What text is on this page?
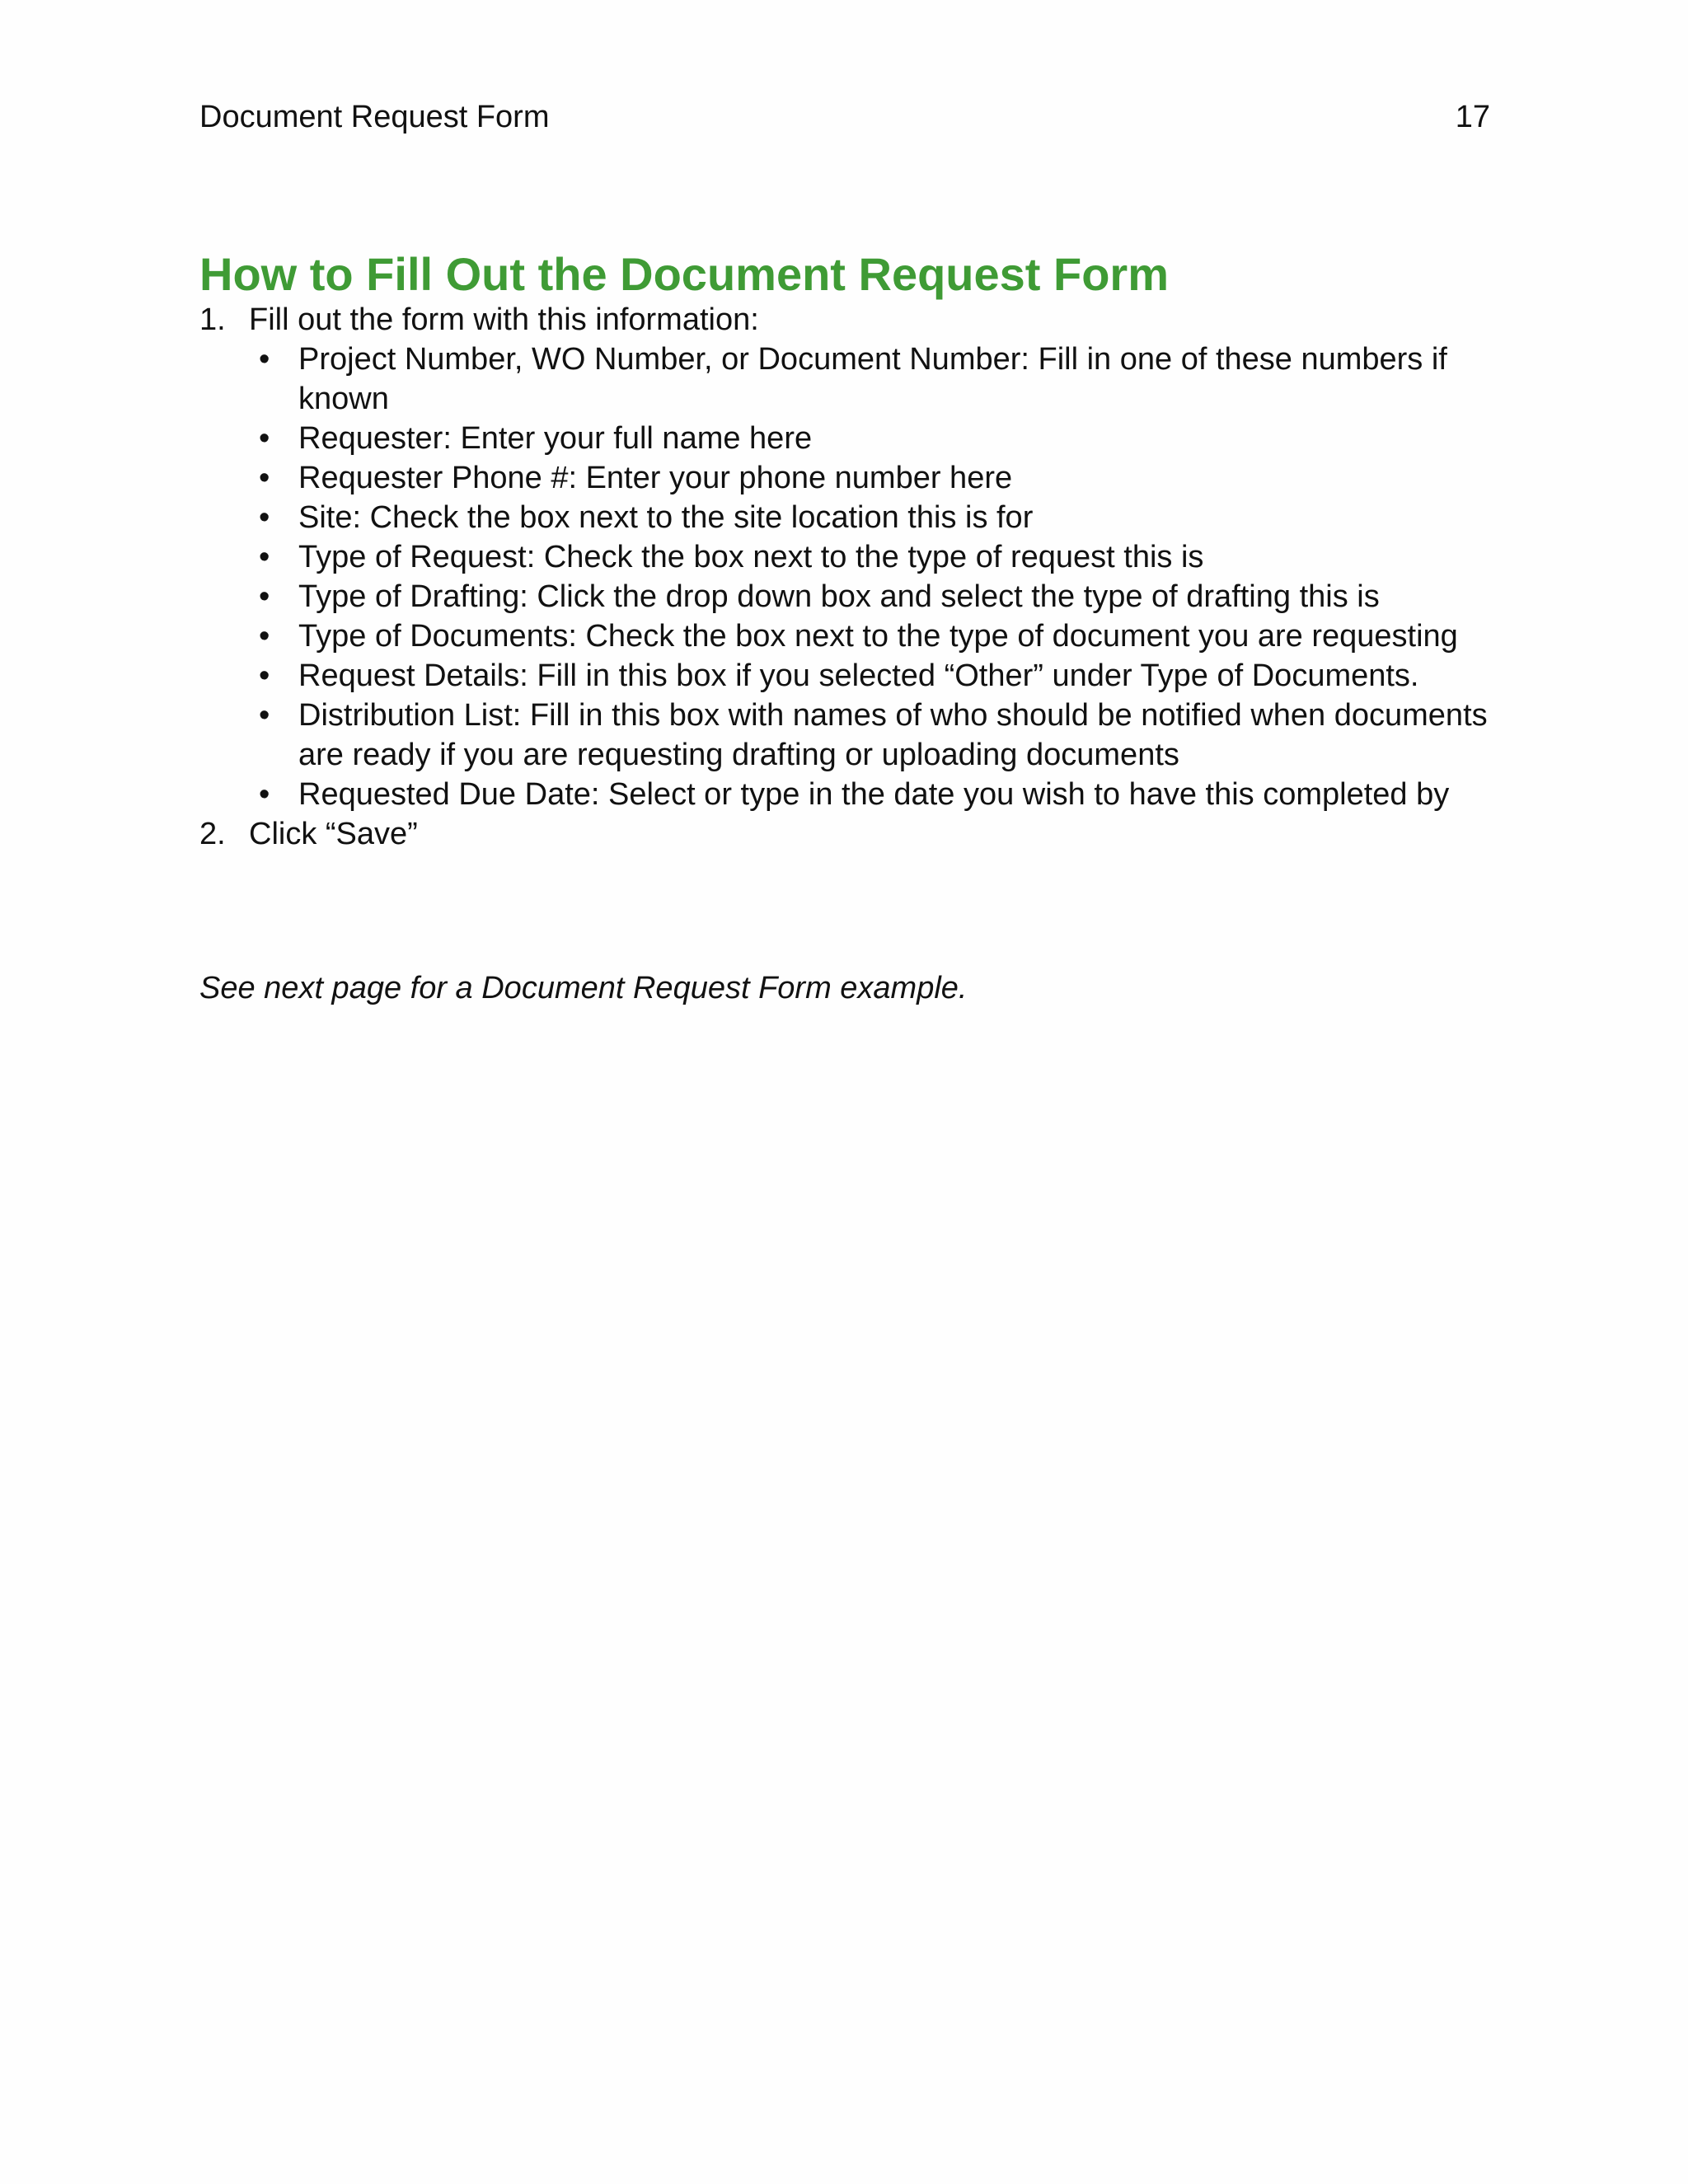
Document Request Form	17
How to Fill Out the Document Request Form
1. Fill out the form with this information:
• Project Number, WO Number, or Document Number: Fill in one of these numbers if known
• Requester: Enter your full name here
• Requester Phone #: Enter your phone number here
• Site: Check the box next to the site location this is for
• Type of Request: Check the box next to the type of request this is
• Type of Drafting: Click the drop down box and select the type of drafting this is
• Type of Documents: Check the box next to the type of document you are requesting
• Request Details: Fill in this box if you selected “Other” under Type of Documents.
• Distribution List: Fill in this box with names of who should be notified when documents are ready if you are requesting drafting or uploading documents
• Requested Due Date: Select or type in the date you wish to have this completed by
2. Click “Save”

See next page for a Document Request Form example.
